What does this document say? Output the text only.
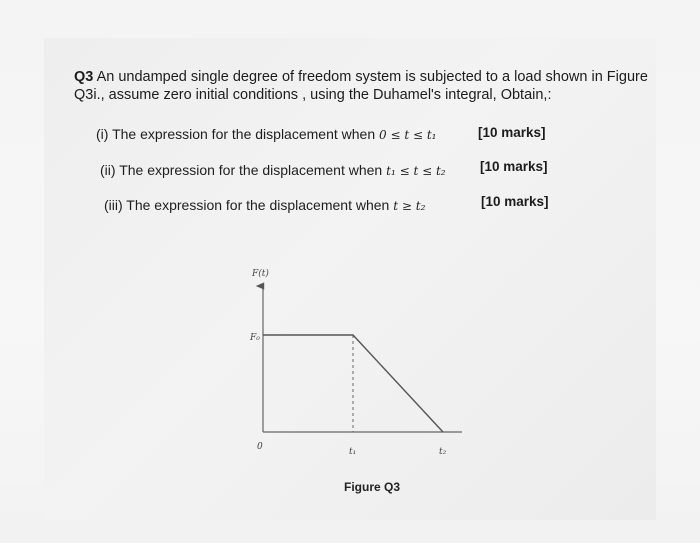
Q3 An undamped single degree of freedom system is subjected to a load shown in Figure
Q3i., assume zero initial conditions , using the Duhamel's integral, Obtain,:
(i) The expression for the displacement when 0 ≤ t ≤ t₁	[10 marks]
(ii) The expression for the displacement when t₁ ≤ t ≤ t₂	[10 marks]
(iii) The expression for the displacement when t ≥ t₂	[10 marks]
F(t)
F₀
0	t₁	t₂
Figure Q3
